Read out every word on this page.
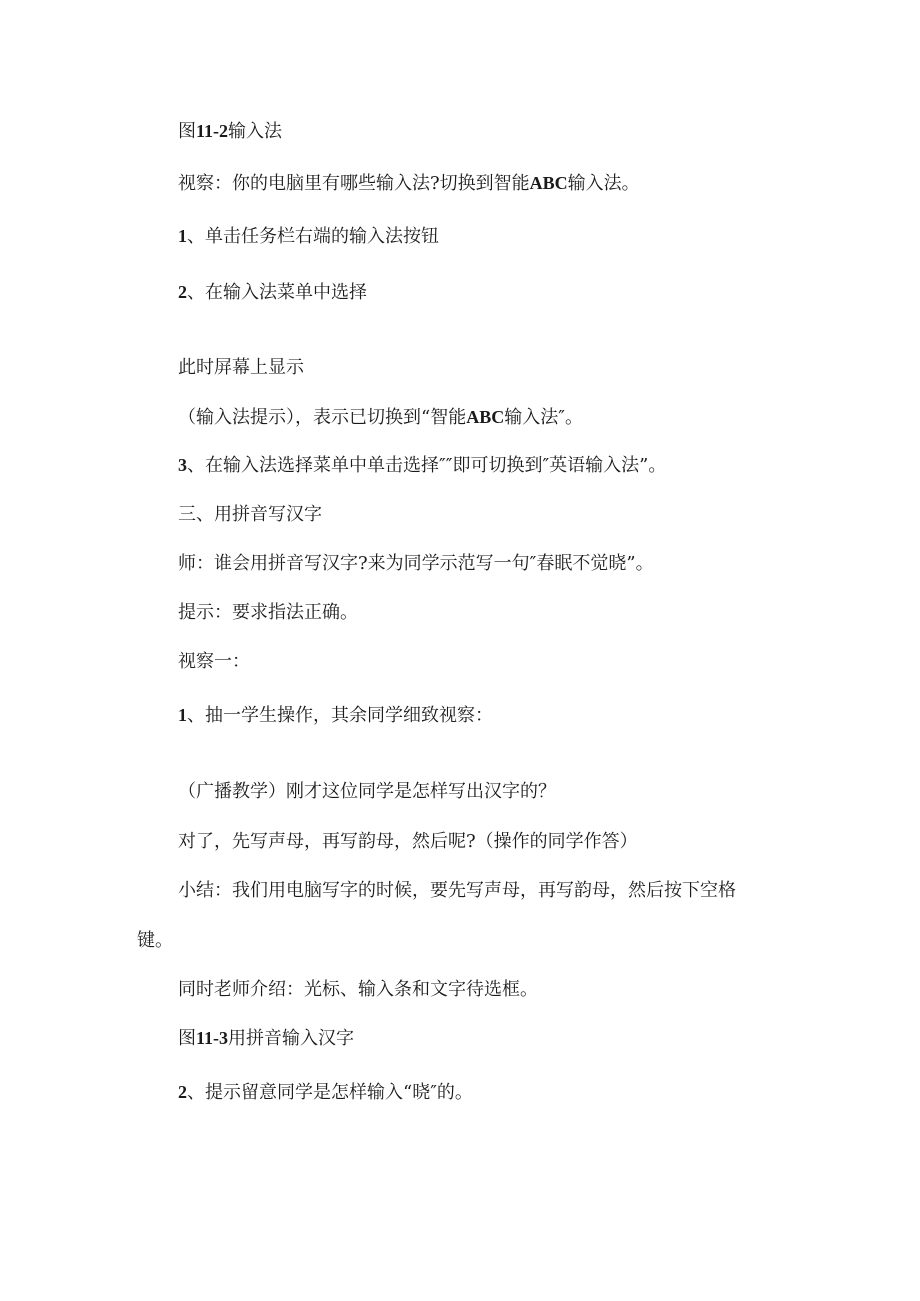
图11-2输入法
视察：你的电脑里有哪些输入法?切换到智能ABC输入法。
1、单击任务栏右端的输入法按钮
2、在输入法菜单中选择
此时屏幕上显示
（输入法提示），表示已切换到“智能ABC输入法″。
3、在输入法选择菜单中单击选择″″即可切换到″英语输入法”。
三、用拼音写汉字
师：谁会用拼音写汉字?来为同学示范写一句″春眠不觉晓”。
提示：要求指法正确。
视察一：
1、抽一学生操作，其余同学细致视察：
（广播教学）刚才这位同学是怎样写出汉字的？
对了，先写声母，再写韵母，然后呢?（操作的同学作答）
小结：我们用电脑写字的时候，要先写声母，再写韵母，然后按下空格
键。
同时老师介绍：光标、输入条和文字待选框。
图11-3用拼音输入汉字
2、提示留意同学是怎样输入“晓″的。
